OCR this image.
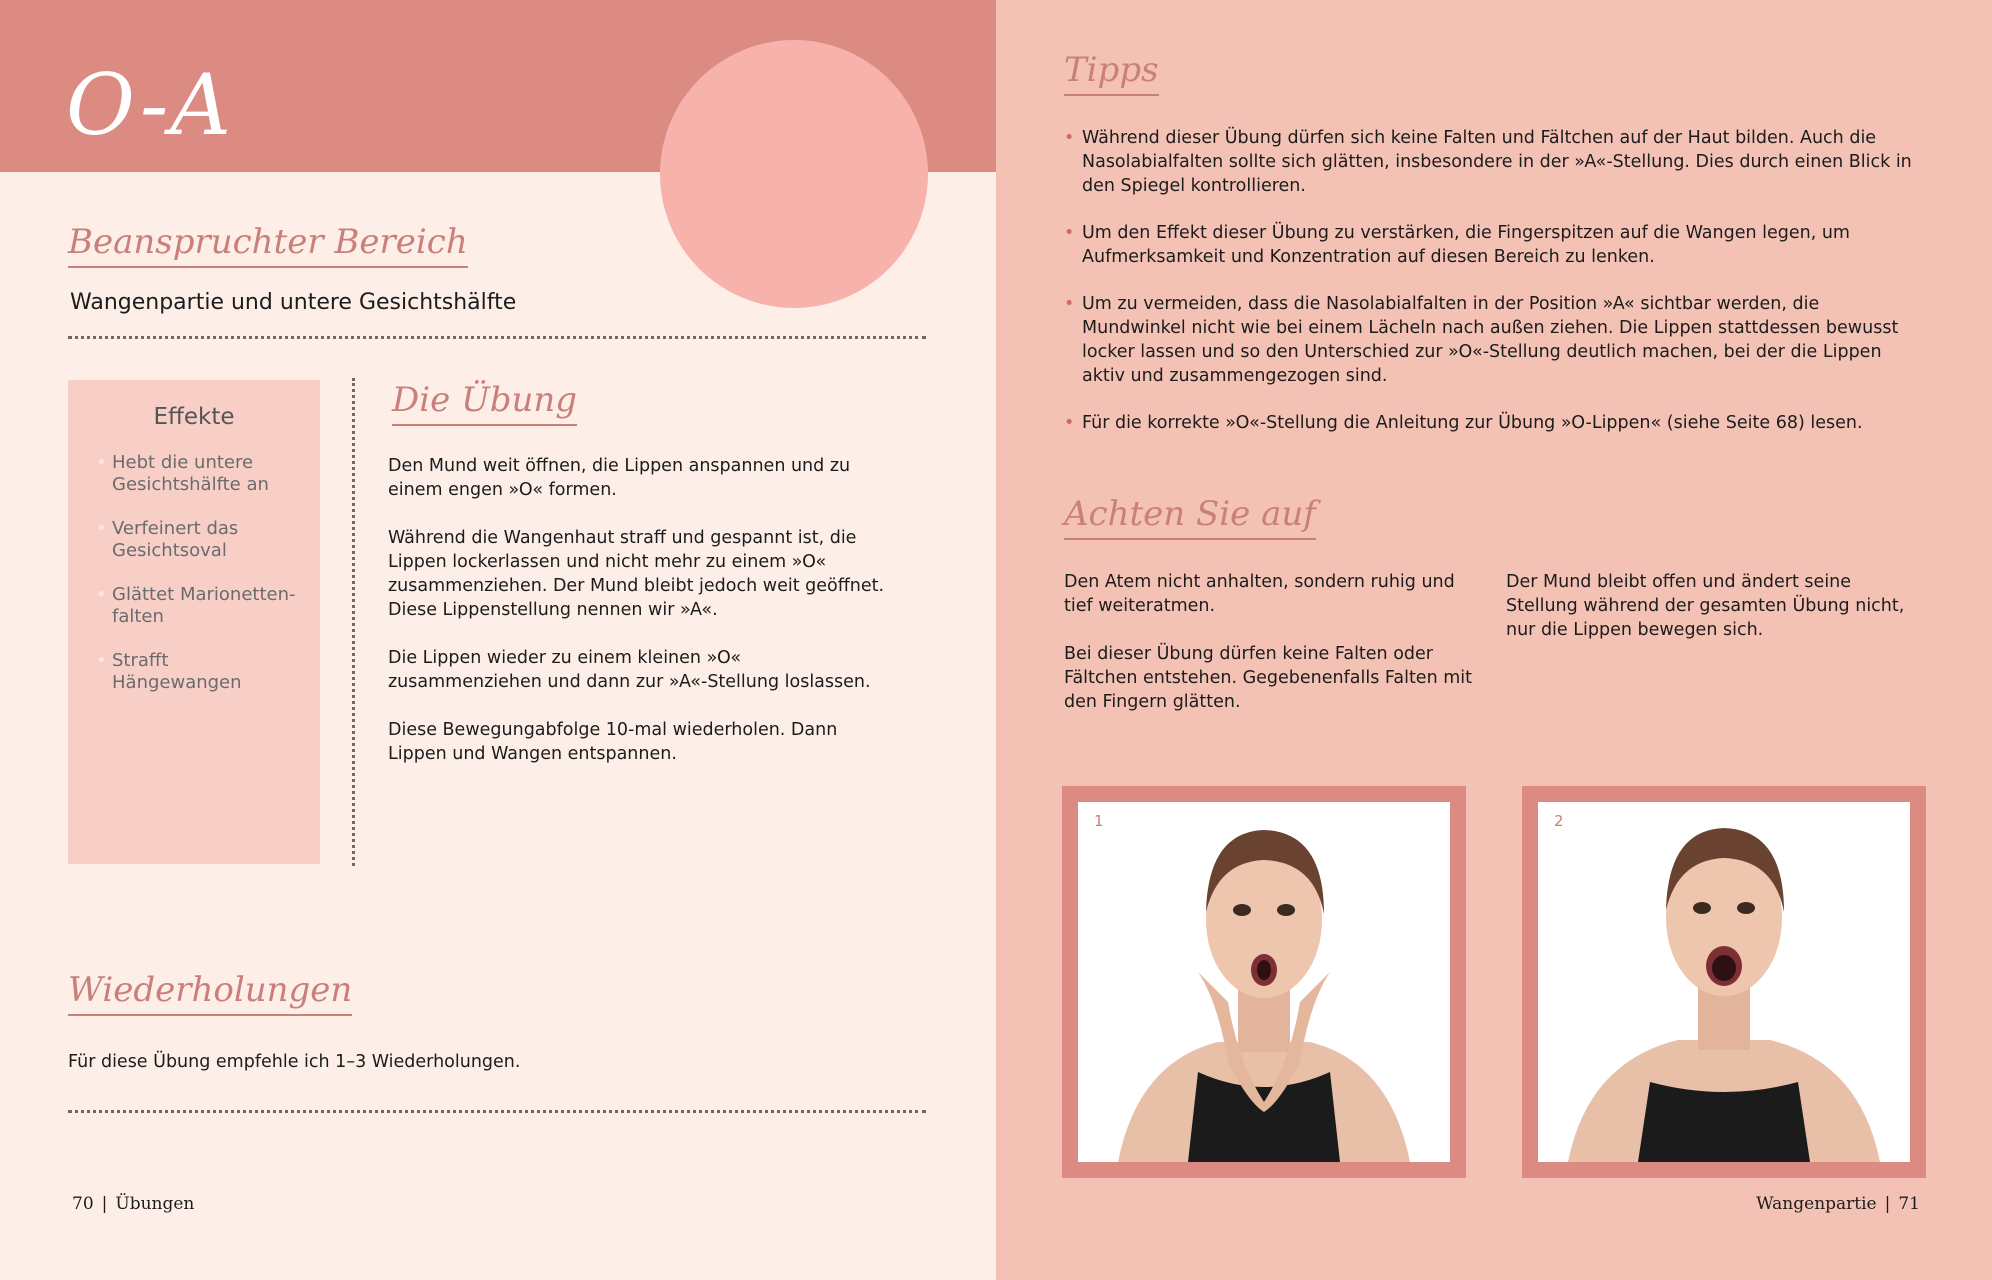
O-A
Beanspruchter Bereich
Wangenpartie und untere Gesichtshälfte
Effekte
• Hebt die untere Gesichtshälfte an
• Verfeinert das Gesichtsoval
• Glättet Marionetten-falten
• Strafft Hängewangen
Die Übung

Den Mund weit öffnen, die Lippen anspannen und zu einem engen »O« formen.

Während die Wangenhaut straff und gespannt ist, die Lippen lockerlassen und nicht mehr zu einem »O« zusammenziehen. Der Mund bleibt jedoch weit geöffnet. Diese Lippenstellung nennen wir »A«.

Die Lippen wieder zu einem kleinen »O« zusammenziehen und dann zur »A«-Stellung loslassen.

Diese Bewegungabfolge 10-mal wiederholen. Dann Lippen und Wangen entspannen.

Wiederholungen
Für diese Übung empfehle ich 1–3 Wiederholungen.
70 | Übungen
Tipps
• Während dieser Übung dürfen sich keine Falten und Fältchen auf der Haut bilden. Auch die Nasolabialfalten sollte sich glätten, insbesondere in der »A«-Stellung. Dies durch einen Blick in den Spiegel kontrollieren.
• Um den Effekt dieser Übung zu verstärken, die Fingerspitzen auf die Wangen legen, um Aufmerksamkeit und Konzentration auf diesen Bereich zu lenken.
• Um zu vermeiden, dass die Nasolabialfalten in der Position »A« sichtbar werden, die Mundwinkel nicht wie bei einem Lächeln nach außen ziehen. Die Lippen stattdessen bewusst locker lassen und so den Unterschied zur »O«-Stellung deutlich machen, bei der die Lippen aktiv und zusammengezogen sind.
• Für die korrekte »O«-Stellung die Anleitung zur Übung »O-Lippen« (siehe Seite 68) lesen.
Achten Sie auf

Den Atem nicht anhalten, sondern ruhig und tief weiteratmen.

Bei dieser Übung dürfen keine Falten oder Fältchen entstehen. Gegebenenfalls Falten mit den Fingern glätten.

Der Mund bleibt offen und ändert seine Stellung während der gesamten Übung nicht, nur die Lippen bewegen sich.

1	2
Wangenpartie | 71
